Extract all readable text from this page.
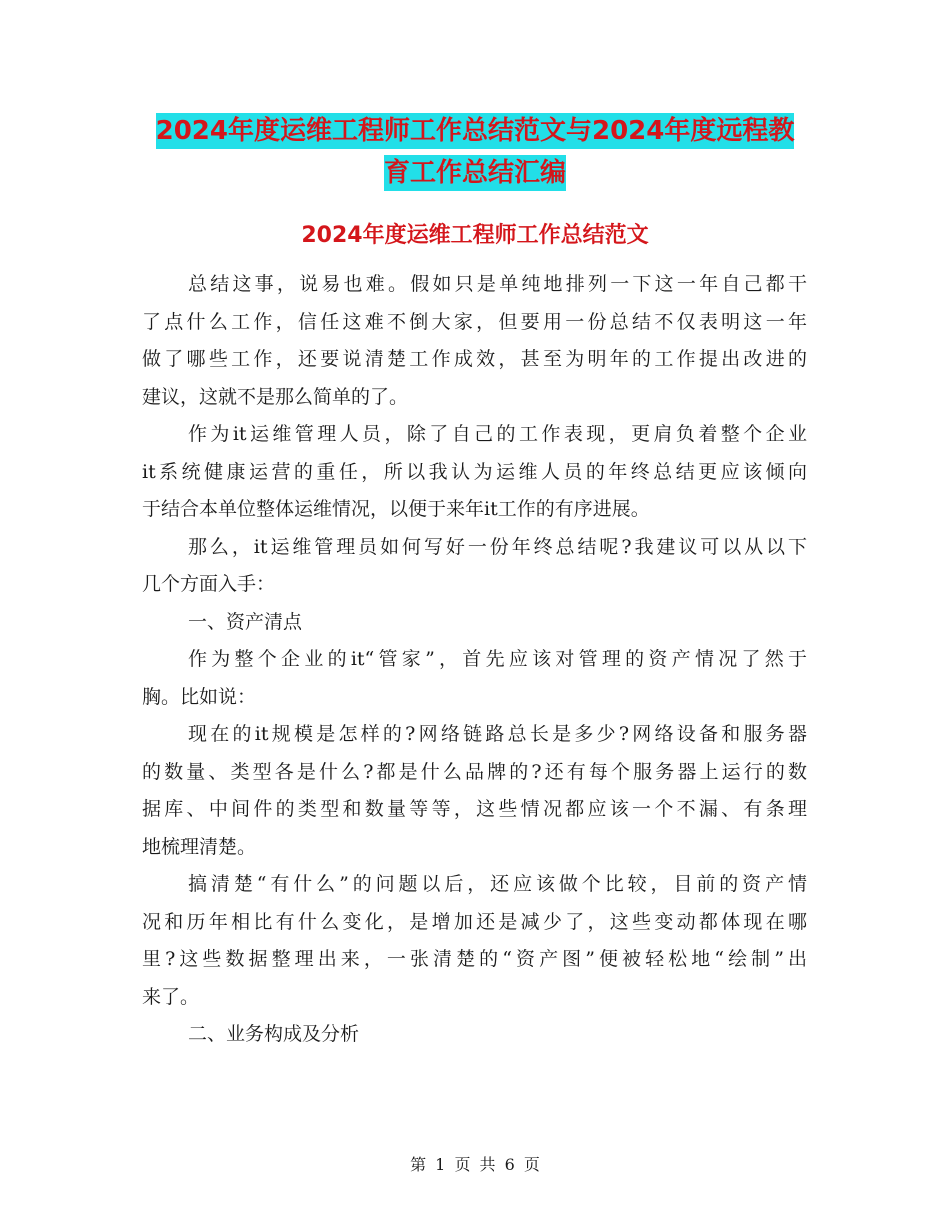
2024年度运维工程师工作总结范文与2024年度远程教
育工作总结汇编
2024年度运维工程师工作总结范文
总结这事，说易也难。假如只是单纯地排列一下这一年自己都干
了点什么工作，信任这难不倒大家，但要用一份总结不仅表明这一年
做了哪些工作，还要说清楚工作成效，甚至为明年的工作提出改进的
建议，这就不是那么简单的了。
作为it运维管理人员，除了自己的工作表现，更肩负着整个企业
it系统健康运营的重任，所以我认为运维人员的年终总结更应该倾向
于结合本单位整体运维情况，以便于来年it工作的有序进展。
那么，it运维管理员如何写好一份年终总结呢?我建议可以从以下
几个方面入手：
一、资产清点
作为整个企业的it“管家”，首先应该对管理的资产情况了然于
胸。比如说：
现在的it规模是怎样的?网络链路总长是多少?网络设备和服务器
的数量、类型各是什么?都是什么品牌的?还有每个服务器上运行的数
据库、中间件的类型和数量等等，这些情况都应该一个不漏、有条理
地梳理清楚。
搞清楚“有什么”的问题以后，还应该做个比较，目前的资产情
况和历年相比有什么变化，是增加还是减少了，这些变动都体现在哪
里?这些数据整理出来，一张清楚的“资产图”便被轻松地“绘制”出
来了。
二、业务构成及分析
第 1 页 共 6 页
